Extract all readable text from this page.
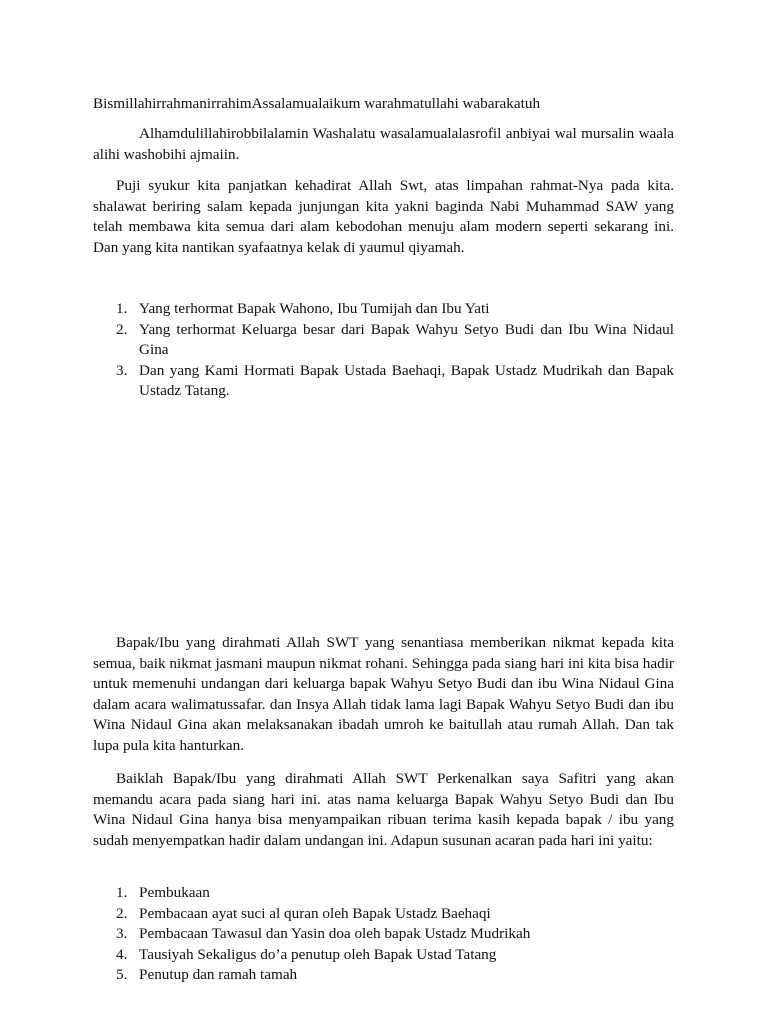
BismillahirrahmanirrahimAssalamualaikum warahmatullahi wabarakatuh

Alhamdulillahirobbilalamin Washalatu wasalamualalasrofil anbiyai wal mursalin waala alihi washobihi ajmaiin.

Puji syukur kita panjatkan kehadirat Allah Swt, atas limpahan rahmat-Nya pada kita. shalawat beriring salam kepada junjungan kita yakni baginda Nabi Muhammad SAW yang telah membawa kita semua dari alam kebodohan menuju alam modern seperti sekarang ini. Dan yang kita nantikan syafaatnya kelak di yaumul qiyamah.

1. Yang terhormat Bapak Wahono, Ibu Tumijah dan Ibu Yati
2. Yang terhormat Keluarga besar dari Bapak Wahyu Setyo Budi dan Ibu Wina Nidaul Gina
3. Dan yang Kami Hormati Bapak Ustada Baehaqi, Bapak Ustadz Mudrikah dan Bapak Ustadz Tatang.

Bapak/Ibu yang dirahmati Allah SWT yang senantiasa memberikan nikmat kepada kita semua, baik nikmat jasmani maupun nikmat rohani. Sehingga pada siang hari ini kita bisa hadir untuk memenuhi undangan dari keluarga bapak Wahyu Setyo Budi dan ibu Wina Nidaul Gina dalam acara walimatussafar. dan Insya Allah tidak lama lagi Bapak Wahyu Setyo Budi dan ibu Wina Nidaul Gina akan melaksanakan ibadah umroh ke baitullah atau rumah Allah. Dan tak lupa pula kita hanturkan.

Baiklah Bapak/Ibu yang dirahmati Allah SWT Perkenalkan saya Safitri yang akan memandu acara pada siang hari ini. atas nama keluarga Bapak Wahyu Setyo Budi dan Ibu Wina Nidaul Gina hanya bisa menyampaikan ribuan terima kasih kepada bapak / ibu yang sudah menyempatkan hadir dalam undangan ini. Adapun susunan acaran pada hari ini yaitu:

1. Pembukaan
2. Pembacaan ayat suci al quran oleh Bapak Ustadz Baehaqi
3. Pembacaan Tawasul dan Yasin doa oleh bapak Ustadz Mudrikah
4. Tausiyah Sekaligus do’a penutup oleh Bapak Ustad Tatang
5. Penutup dan ramah tamah
